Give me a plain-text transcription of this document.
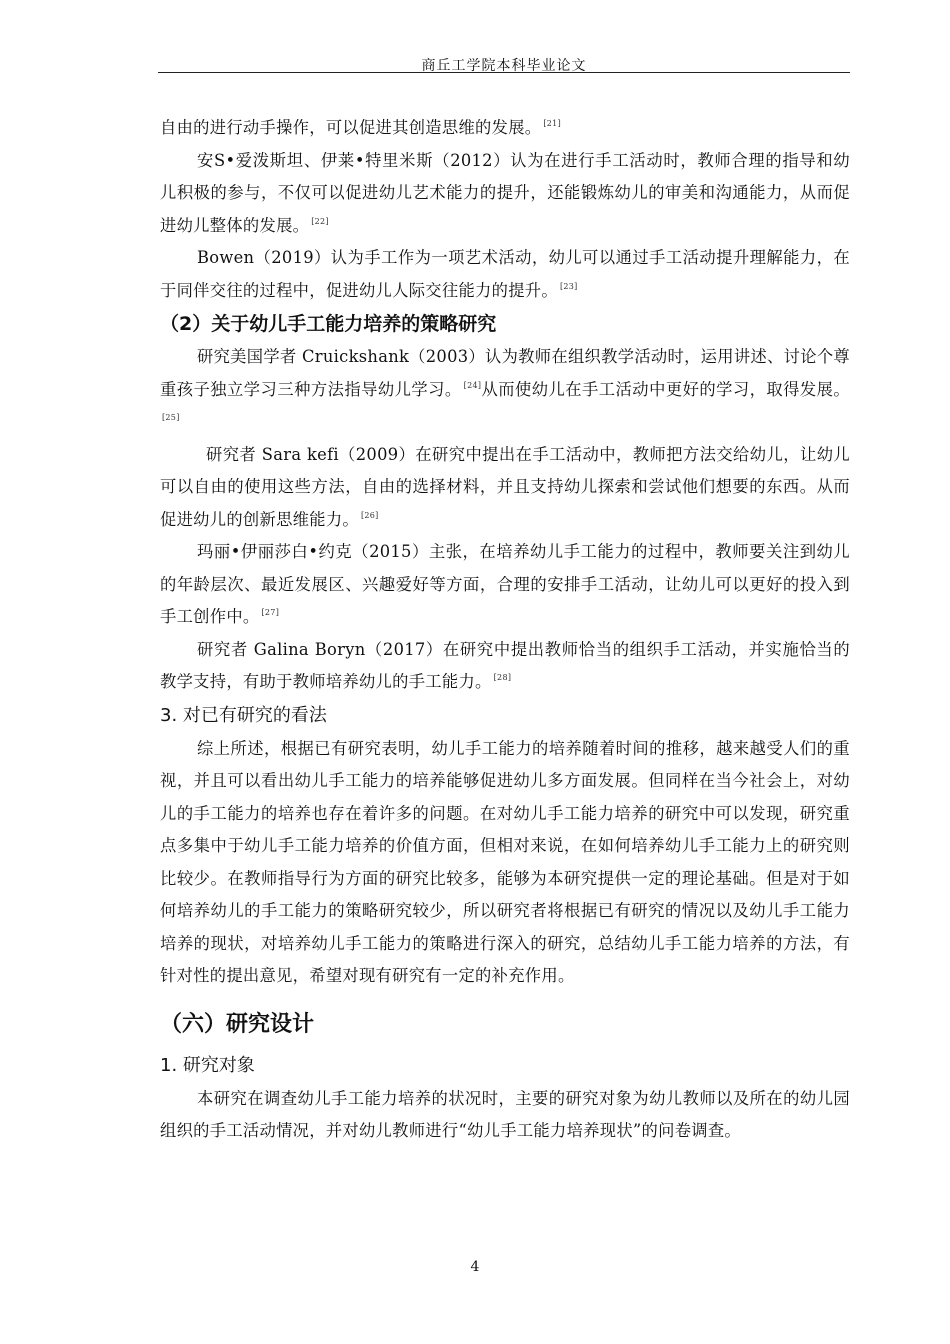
商丘工学院本科毕业论文

自由的进行动手操作，可以促进其创造思维的发展。 [21]

安S•爱泼斯坦、伊莱•特里米斯（2012）认为在进行手工活动时，教师合理的指导和幼儿积极的参与，不仅可以促进幼儿艺术能力的提升，还能锻炼幼儿的审美和沟通能力，从而促进幼儿整体的发展。 [22]

Bowen（2019）认为手工作为一项艺术活动，幼儿可以通过手工活动提升理解能力，在于同伴交往的过程中，促进幼儿人际交往能力的提升。 [23]

（2）关于幼儿手工能力培养的策略研究

研究美国学者 Cruickshank（2003）认为教师在组织教学活动时，运用讲述、讨论个尊重孩子独立学习三种方法指导幼儿学习。 [24]从而使幼儿在手工活动中更好的学习，取得发展。[25]

研究者 Sara kefi（2009）在研究中提出在手工活动中，教师把方法交给幼儿，让幼儿可以自由的使用这些方法，自由的选择材料，并且支持幼儿探索和尝试他们想要的东西。从而促进幼儿的创新思维能力。 [26]

玛丽•伊丽莎白•约克（2015）主张，在培养幼儿手工能力的过程中，教师要关注到幼儿的年龄层次、最近发展区、兴趣爱好等方面，合理的安排手工活动，让幼儿可以更好的投入到手工创作中。 [27]

研究者 Galina Boryn（2017）在研究中提出教师恰当的组织手工活动，并实施恰当的教学支持，有助于教师培养幼儿的手工能力。 [28]

3. 对已有研究的看法

综上所述，根据已有研究表明，幼儿手工能力的培养随着时间的推移，越来越受人们的重视，并且可以看出幼儿手工能力的培养能够促进幼儿多方面发展。但同样在当今社会上，对幼儿的手工能力的培养也存在着许多的问题。在对幼儿手工能力培养的研究中可以发现，研究重点多集中于幼儿手工能力培养的价值方面，但相对来说，在如何培养幼儿手工能力上的研究则比较少。在教师指导行为方面的研究比较多，能够为本研究提供一定的理论基础。但是对于如何培养幼儿的手工能力的策略研究较少，所以研究者将根据已有研究的情况以及幼儿手工能力培养的现状，对培养幼儿手工能力的策略进行深入的研究，总结幼儿手工能力培养的方法，有针对性的提出意见，希望对现有研究有一定的补充作用。

（六）研究设计
1. 研究对象

本研究在调查幼儿手工能力培养的状况时，主要的研究对象为幼儿教师以及所在的幼儿园组织的手工活动情况，并对幼儿教师进行“幼儿手工能力培养现状”的问卷调查。

4
